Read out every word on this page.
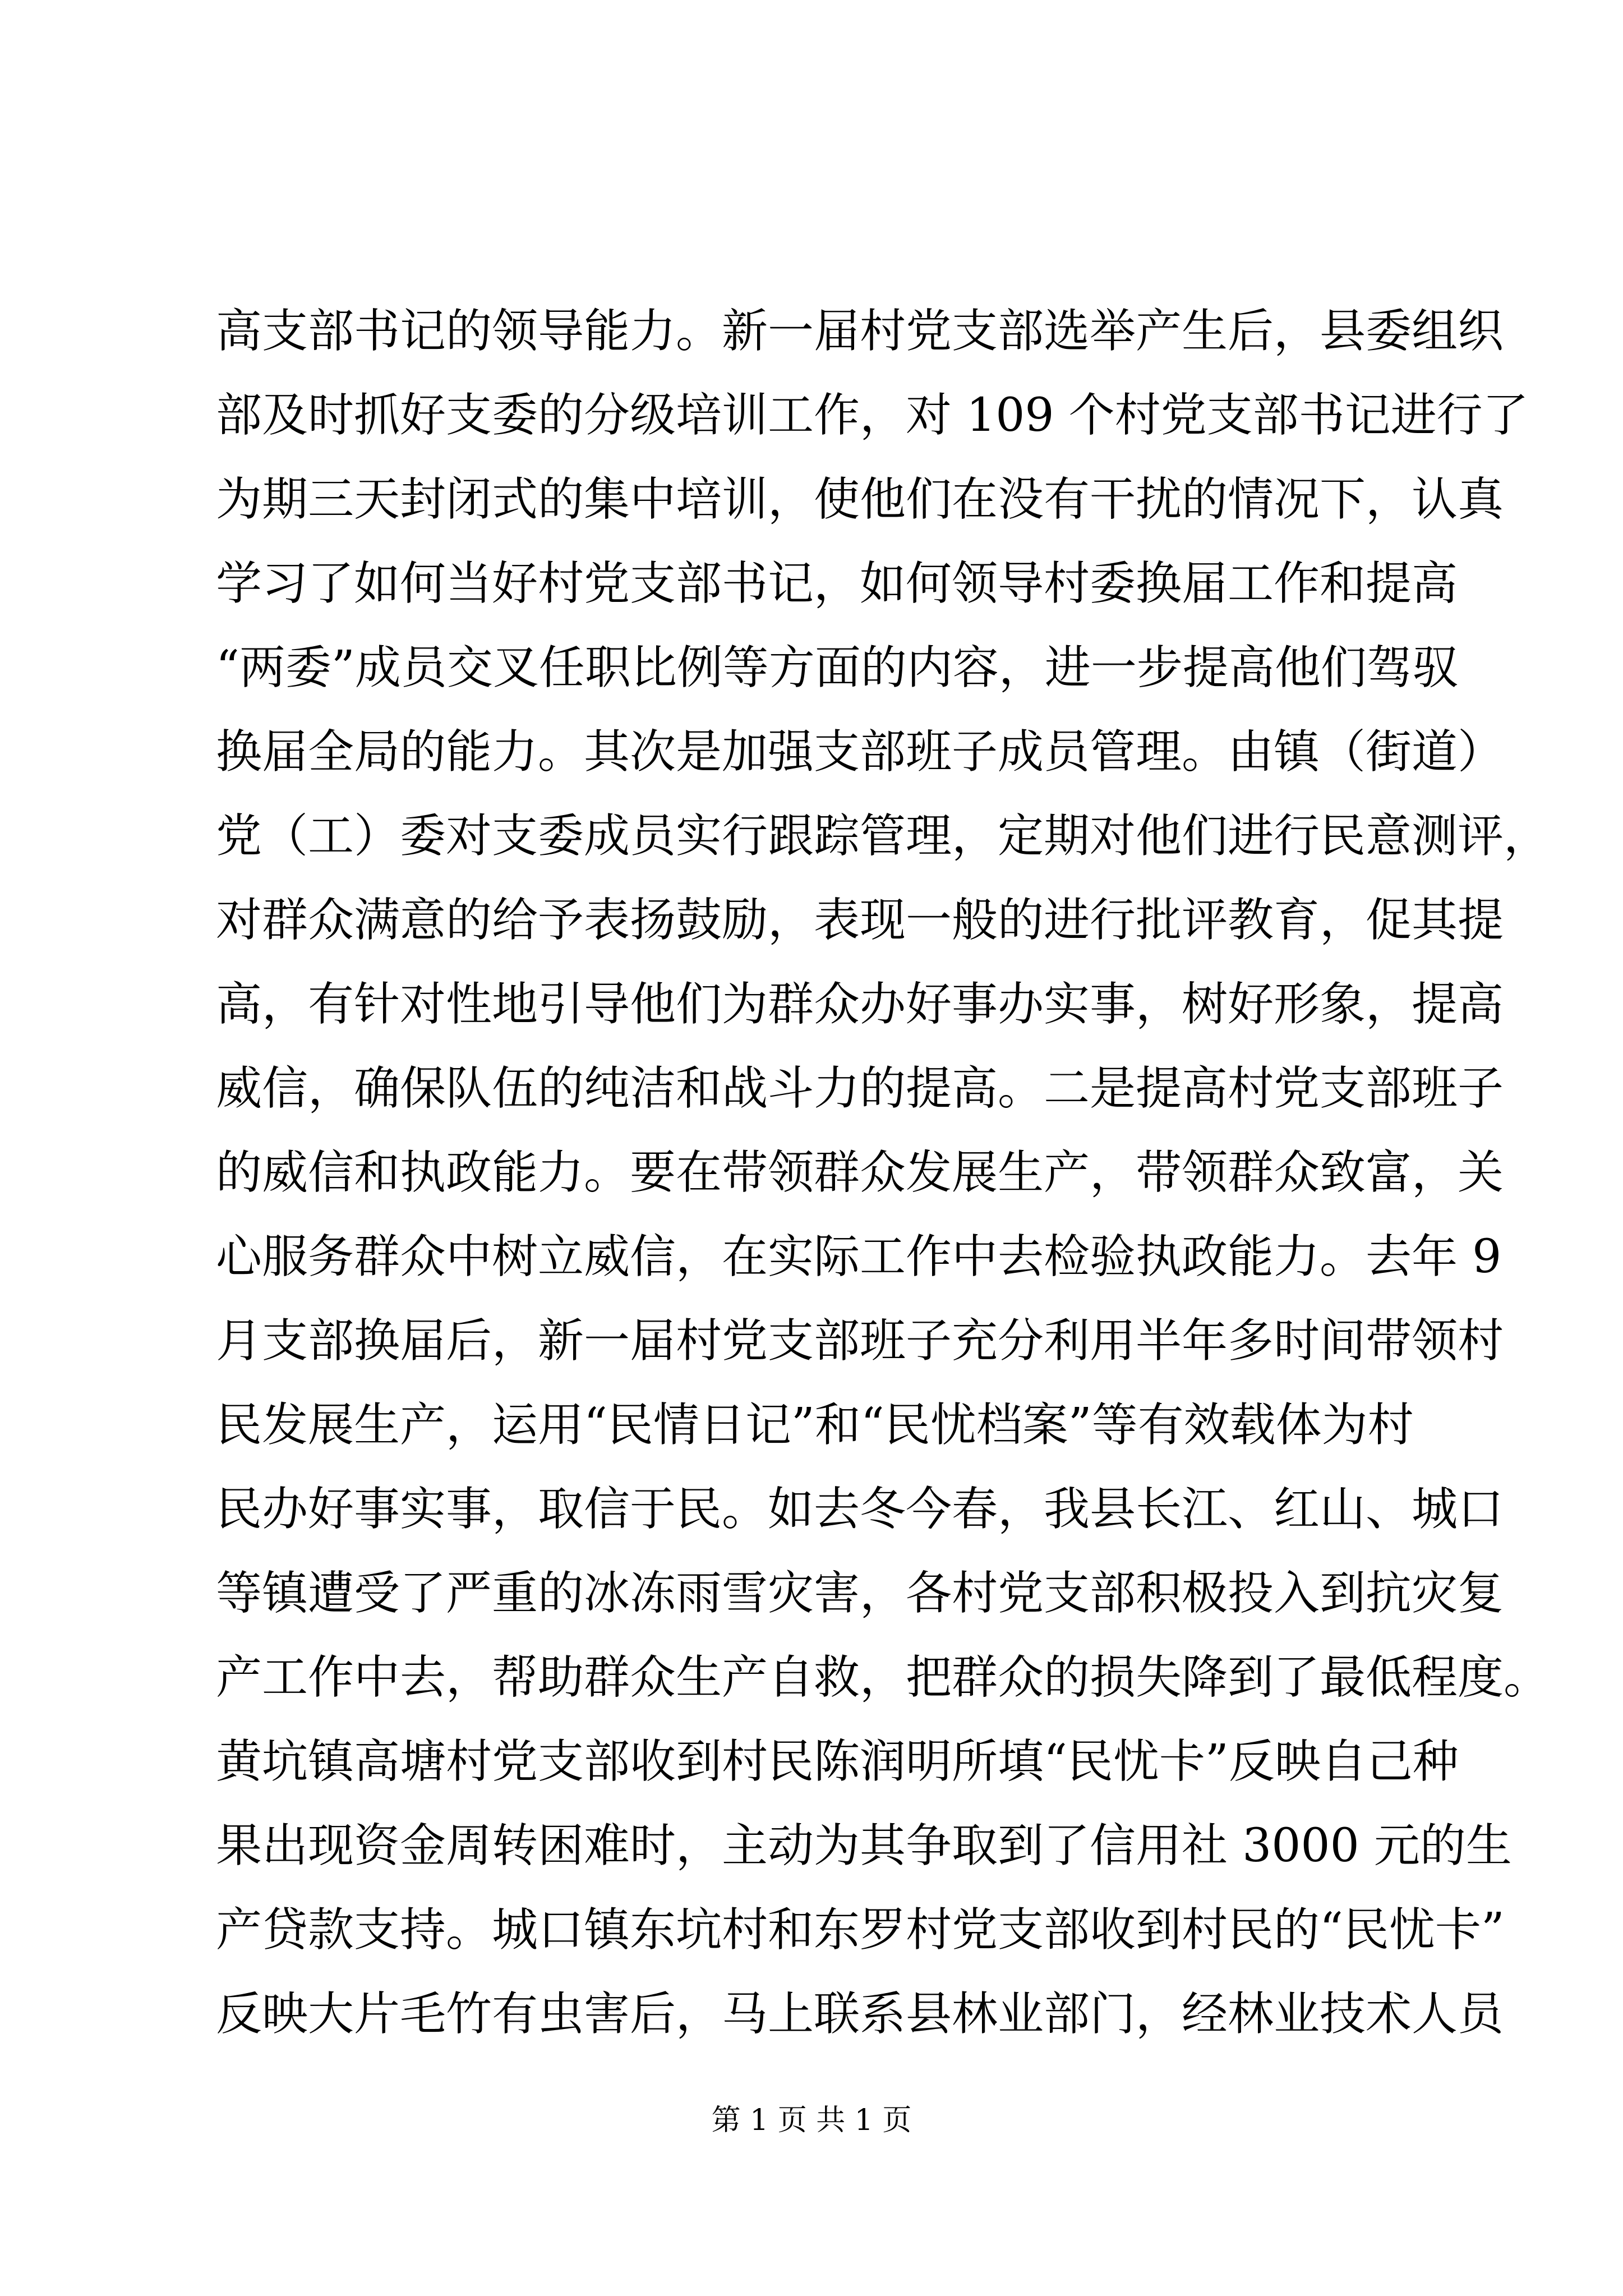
高支部书记的领导能力。新一届村党支部选举产生后，县委组织
部及时抓好支委的分级培训工作，对 109 个村党支部书记进行了
为期三天封闭式的集中培训，使他们在没有干扰的情况下，认真
学习了如何当好村党支部书记，如何领导村委换届工作和提高
“两委”成员交叉任职比例等方面的内容，进一步提高他们驾驭
换届全局的能力。其次是加强支部班子成员管理。由镇（街道）
党（工）委对支委成员实行跟踪管理，定期对他们进行民意测评，
对群众满意的给予表扬鼓励，表现一般的进行批评教育，促其提
高，有针对性地引导他们为群众办好事办实事，树好形象，提高
威信，确保队伍的纯洁和战斗力的提高。二是提高村党支部班子
的威信和执政能力。要在带领群众发展生产，带领群众致富，关
心服务群众中树立威信，在实际工作中去检验执政能力。去年 9
月支部换届后，新一届村党支部班子充分利用半年多时间带领村
民发展生产，运用“民情日记”和“民忧档案”等有效载体为村
民办好事实事，取信于民。如去冬今春，我县长江、红山、城口
等镇遭受了严重的冰冻雨雪灾害，各村党支部积极投入到抗灾复
产工作中去，帮助群众生产自救，把群众的损失降到了最低程度。
黄坑镇高塘村党支部收到村民陈润明所填“民忧卡”反映自己种
果出现资金周转困难时，主动为其争取到了信用社 3000 元的生
产贷款支持。城口镇东坑村和东罗村党支部收到村民的“民忧卡”
反映大片毛竹有虫害后，马上联系县林业部门，经林业技术人员
第 1 页 共 1 页
